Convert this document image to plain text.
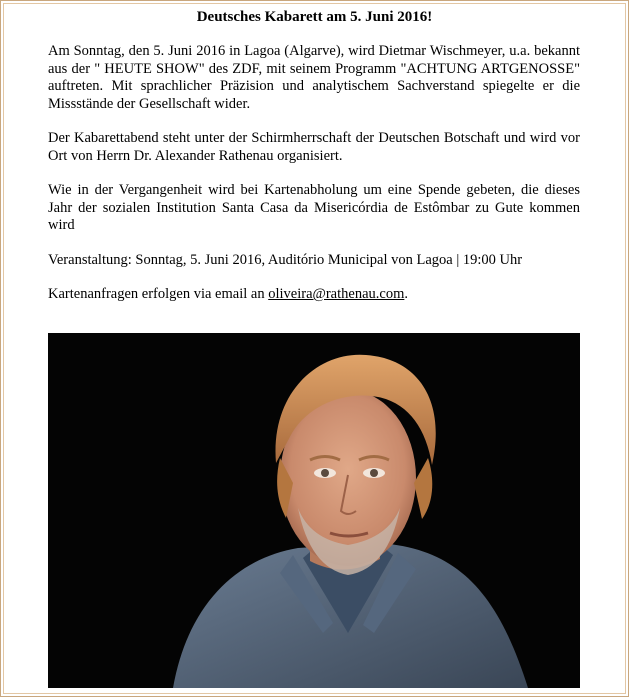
Deutsches Kabarett am 5. Juni 2016!

Am Sonntag, den 5. Juni 2016 in Lagoa (Algarve), wird Dietmar Wischmeyer, u.a. bekannt aus der " HEUTE SHOW" des ZDF, mit seinem Programm "ACHTUNG ARTGENOSSE" auftreten. Mit sprachlicher Präzision und analytischem Sachverstand spiegelte er die Missstände der Gesellschaft wider.

Der Kabarettabend steht unter der Schirmherrschaft der Deutschen Botschaft und wird vor Ort von Herrn Dr. Alexander Rathenau organisiert.

Wie in der Vergangenheit wird bei Kartenabholung um eine Spende gebeten, die dieses Jahr der sozialen Institution Santa Casa da Misericórdia de Estômbar zu Gute kommen wird

Veranstaltung: Sonntag, 5. Juni 2016, Auditório Municipal von Lagoa | 19:00 Uhr

Kartenanfragen erfolgen via email an oliveira@rathenau.com.
